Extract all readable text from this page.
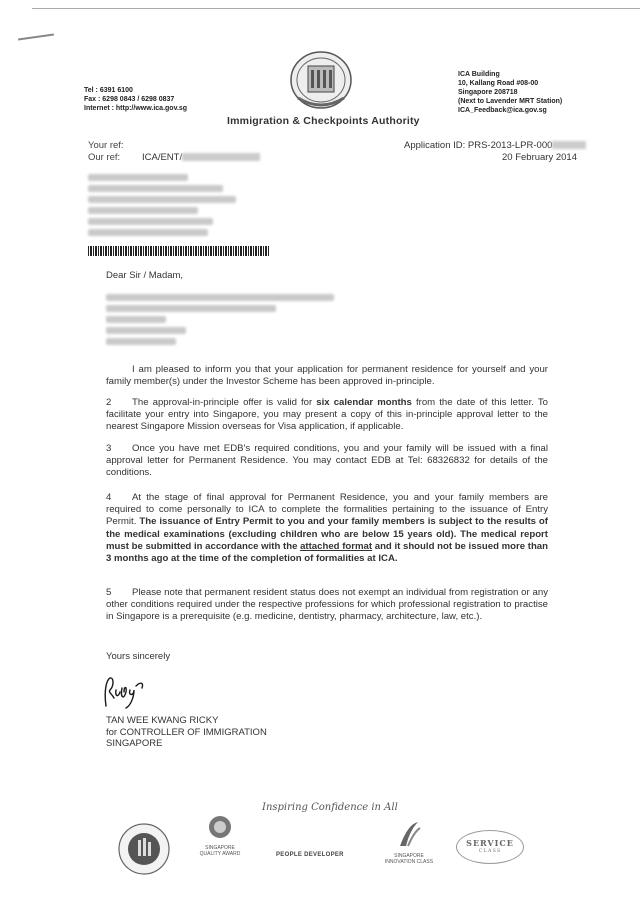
Tel : 6391 6100
Fax : 6298 0843 / 6298 0837
Internet : http://www.ica.gov.sg
Immigration & Checkpoints Authority
ICA Building
10, Kallang Road #08-00
Singapore 208718
(Next to Lavender MRT Station)
ICA_Feedback@ica.gov.sg
Your ref:
Our ref: ICA/ENT/
Application ID: PRS-2013-LPR-000
20 February 2014
Dear Sir / Madam,
I am pleased to inform you that your application for permanent residence for yourself and your family member(s) under the Investor Scheme has been approved in-principle.
2 The approval-in-principle offer is valid for six calendar months from the date of this letter. To facilitate your entry into Singapore, you may present a copy of this in-principle approval letter to the nearest Singapore Mission overseas for Visa application, if applicable.
3 Once you have met EDB's required conditions, you and your family will be issued with a final approval letter for Permanent Residence. You may contact EDB at Tel: 68326832 for details of the conditions.
4 At the stage of final approval for Permanent Residence, you and your family members are required to come personally to ICA to complete the formalities pertaining to the issuance of Entry Permit. The issuance of Entry Permit to you and your family members is subject to the results of the medical examinations (excluding children who are below 15 years old). The medical report must be submitted in accordance with the attached format and it should not be issued more than 3 months ago at the time of the completion of formalities at ICA.
5 Please note that permanent resident status does not exempt an individual from registration or any other conditions required under the respective professions for which professional registration to practise in Singapore is a prerequisite (e.g. medicine, dentistry, pharmacy, architecture, law, etc.).
Yours sincerely
TAN WEE KWANG RICKY
for CONTROLLER OF IMMIGRATION
SINGAPORE
Inspiring Confidence in All
SINGAPORE QUALITY AWARD	PEOPLE DEVELOPER	SINGAPORE INNOVATION CLASS
SERVICE
CLASS
